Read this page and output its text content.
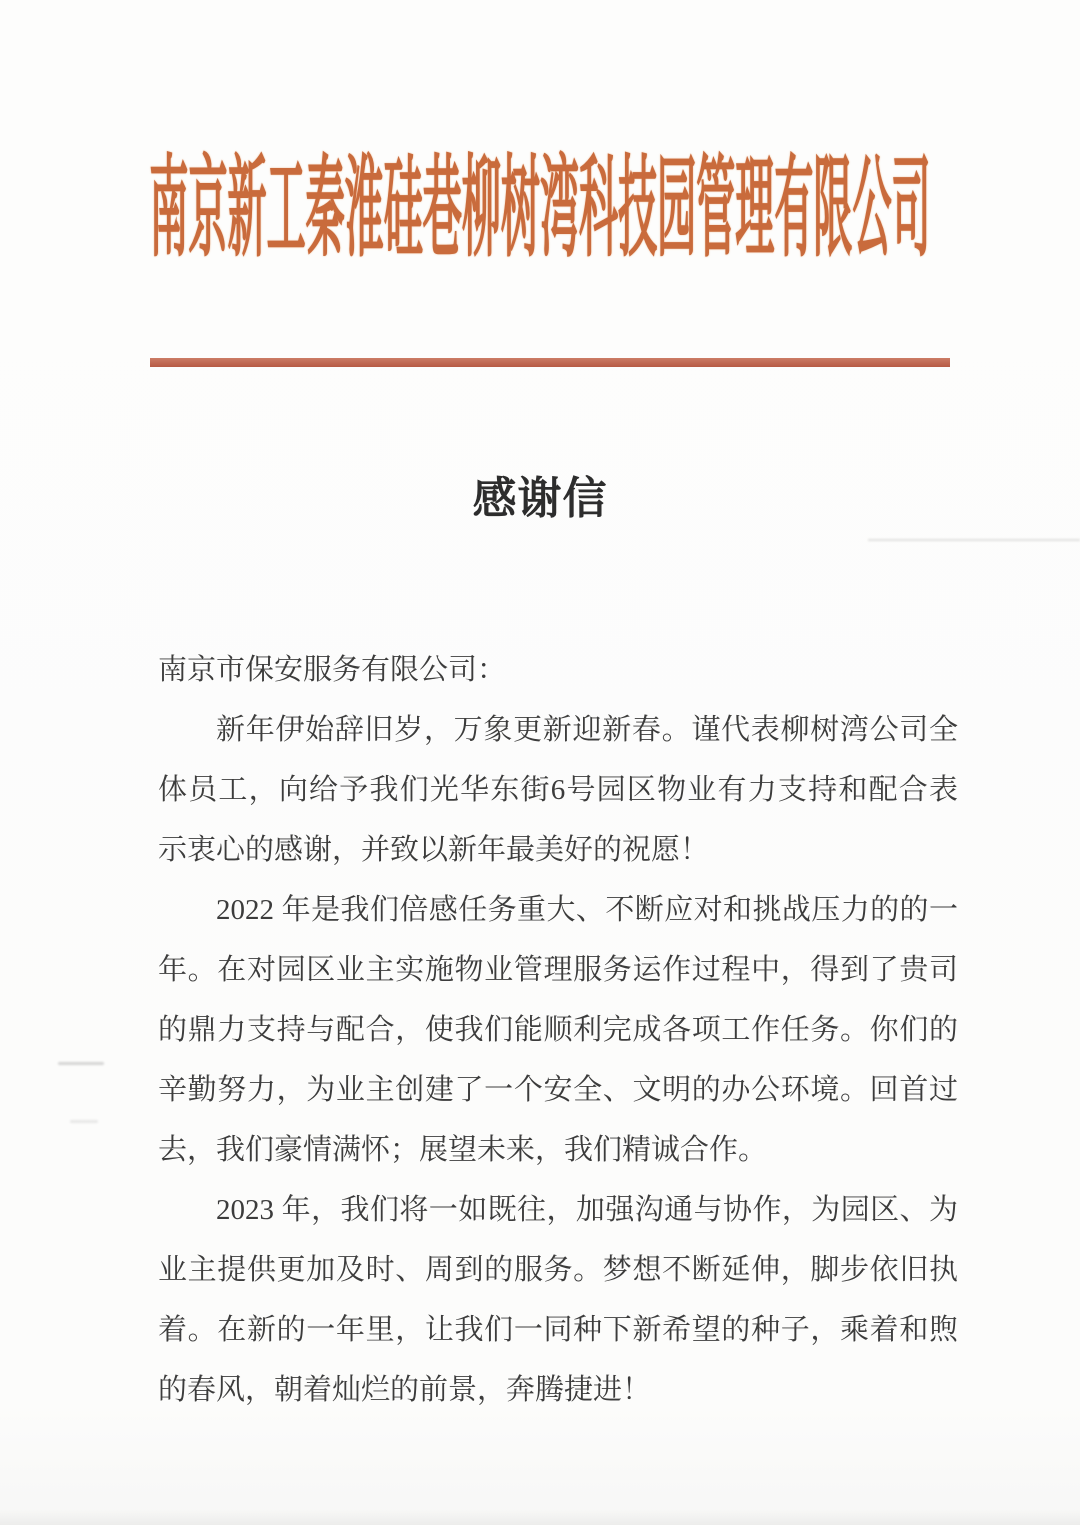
南京新工秦淮硅巷柳树湾科技园管理有限公司
感谢信
南京市保安服务有限公司：
新年伊始辞旧岁，万象更新迎新春。谨代表柳树湾公司全
体员工，向给予我们光华东街6号园区物业有力支持和配合表
示衷心的感谢，并致以新年最美好的祝愿！
2022 年是我们倍感任务重大、不断应对和挑战压力的的一
年。在对园区业主实施物业管理服务运作过程中，得到了贵司
的鼎力支持与配合，使我们能顺利完成各项工作任务。你们的
辛勤努力，为业主创建了一个安全、文明的办公环境。回首过
去，我们豪情满怀；展望未来，我们精诚合作。
2023 年，我们将一如既往，加强沟通与协作，为园区、为
业主提供更加及时、周到的服务。梦想不断延伸，脚步依旧执
着。在新的一年里，让我们一同种下新希望的种子，乘着和煦
的春风，朝着灿烂的前景，奔腾捷进！
